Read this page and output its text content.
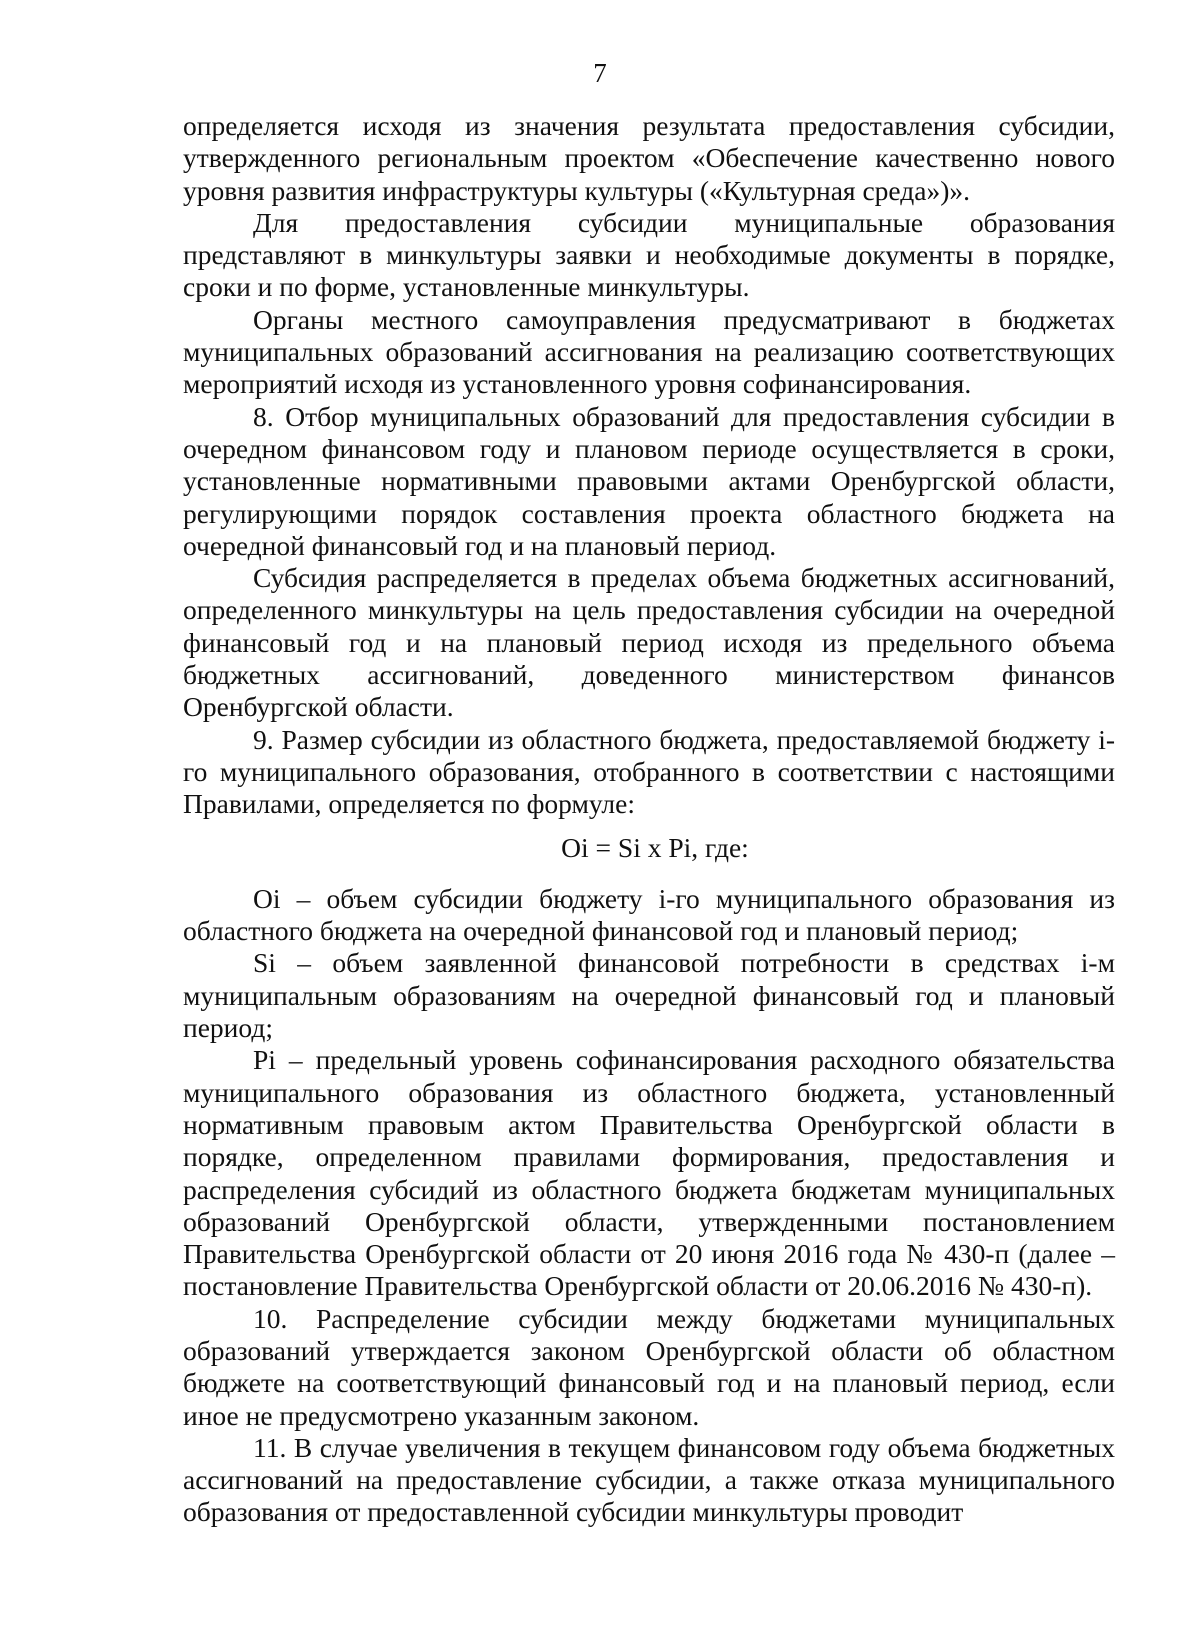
7

определяется исходя из значения результата предоставления субсидии, утвержденного региональным проектом «Обеспечение качественно нового уровня развития инфраструктуры культуры («Культурная среда»)».

Для предоставления субсидии муниципальные образования представляют в минкультуры заявки и необходимые документы в порядке, сроки и по форме, установленные минкультуры.

Органы местного самоуправления предусматривают в бюджетах муниципальных образований ассигнования на реализацию соответствующих мероприятий исходя из установленного уровня софинансирования.

8. Отбор муниципальных образований для предоставления субсидии в очередном финансовом году и плановом периоде осуществляется в сроки, установленные нормативными правовыми актами Оренбургской области, регулирующими порядок составления проекта областного бюджета на очередной финансовый год и на плановый период.

Субсидия распределяется в пределах объема бюджетных ассигнований, определенного минкультуры на цель предоставления субсидии на очередной финансовый год и на плановый период исходя из предельного объема бюджетных ассигнований, доведенного министерством финансов Оренбургской области.

9. Размер субсидии из областного бюджета, предоставляемой бюджету i-го муниципального образования, отобранного в соответствии с настоящими Правилами, определяется по формуле:

Oi = Si x Pi, где:

Oi – объем субсидии бюджету i-го муниципального образования из областного бюджета на очередной финансовой год и плановый период;

Si – объем заявленной финансовой потребности в средствах i-м муниципальным образованиям на очередной финансовый год и плановый период;

Pi – предельный уровень софинансирования расходного обязательства муниципального образования из областного бюджета, установленный нормативным правовым актом Правительства Оренбургской области в порядке, определенном правилами формирования, предоставления и распределения субсидий из областного бюджета бюджетам муниципальных образований Оренбургской области, утвержденными постановлением Правительства Оренбургской области от 20 июня 2016 года № 430-п (далее – постановление Правительства Оренбургской области от 20.06.2016 № 430-п).

10. Распределение субсидии между бюджетами муниципальных образований утверждается законом Оренбургской области об областном бюджете на соответствующий финансовый год и на плановый период, если иное не предусмотрено указанным законом.

11. В случае увеличения в текущем финансовом году объема бюджетных ассигнований на предоставление субсидии, а также отказа муниципального образования от предоставленной субсидии минкультуры проводит
